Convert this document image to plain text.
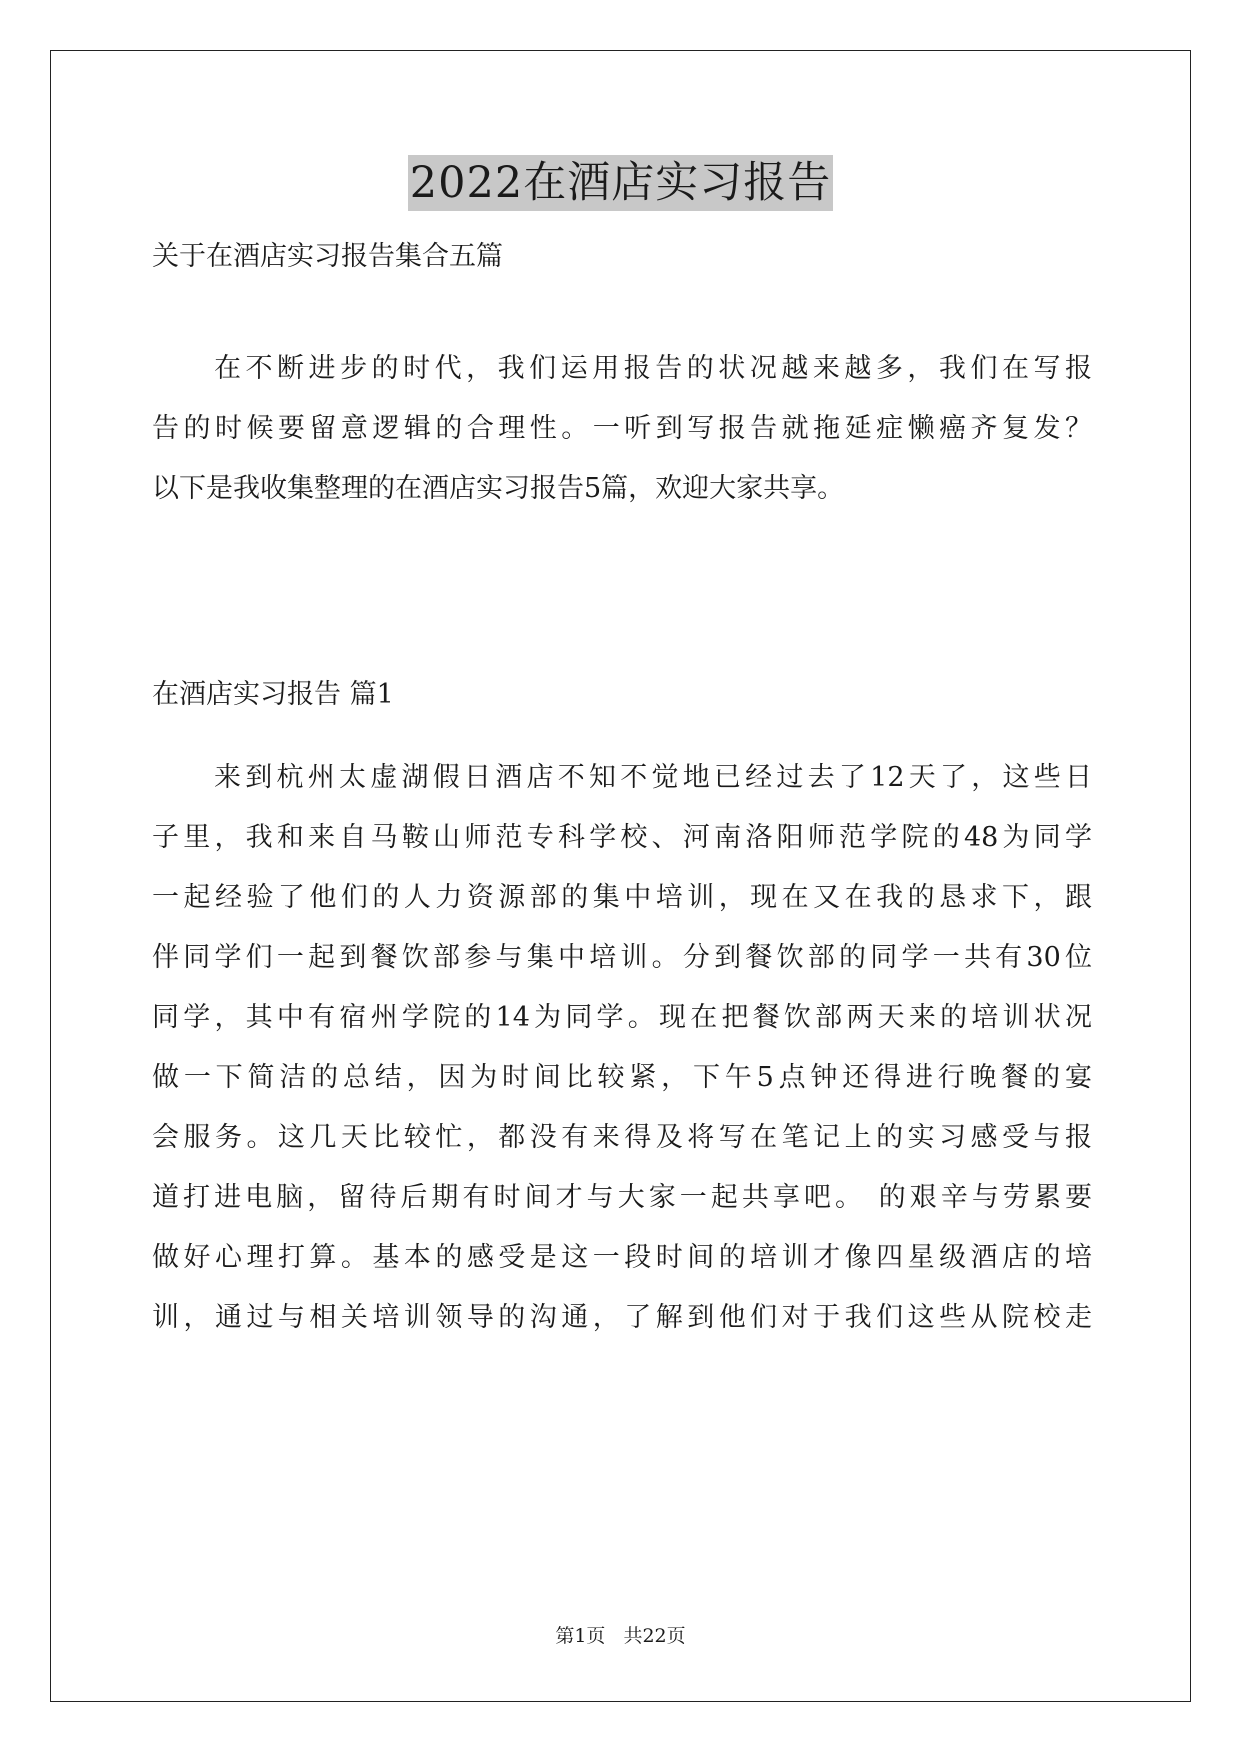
2022在酒店实习报告

关于在酒店实习报告集合五篇

在不断进步的时代，我们运用报告的状况越来越多，我们在写报
告的时候要留意逻辑的合理性。一听到写报告就拖延症懒癌齐复发？
以下是我收集整理的在酒店实习报告5篇，欢迎大家共享。

在酒店实习报告 篇1

来到杭州太虚湖假日酒店不知不觉地已经过去了12天了，这些日
子里，我和来自马鞍山师范专科学校、河南洛阳师范学院的48为同学
一起经验了他们的人力资源部的集中培训，现在又在我的恳求下，跟
伴同学们一起到餐饮部参与集中培训。分到餐饮部的同学一共有30位
同学，其中有宿州学院的14为同学。现在把餐饮部两天来的培训状况
做一下简洁的总结，因为时间比较紧，下午5点钟还得进行晚餐的宴
会服务。这几天比较忙，都没有来得及将写在笔记上的实习感受与报
道打进电脑，留待后期有时间才与大家一起共享吧。 的艰辛与劳累要
做好心理打算。基本的感受是这一段时间的培训才像四星级酒店的培
训，通过与相关培训领导的沟通，了解到他们对于我们这些从院校走
第1页 共22页
